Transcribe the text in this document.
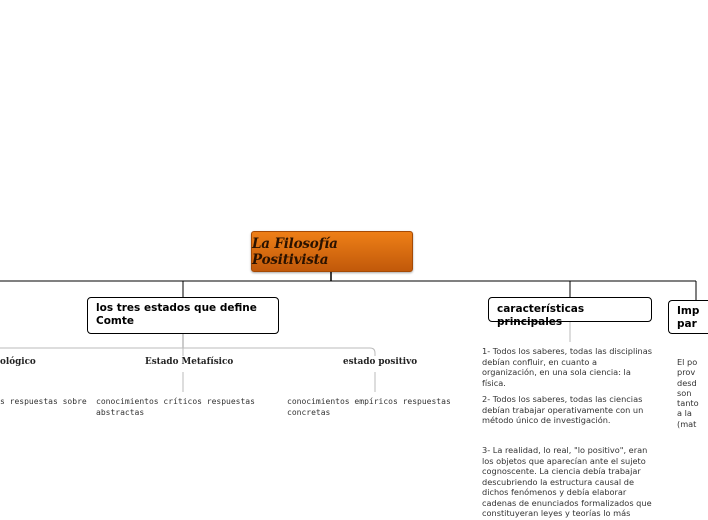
La Filosofía Positivista
los tres estados que define Comte
ológico	Estado Metafísico	estado positivo
s respuestas sobre conocimientos críticos respuestas abstractas
conocimientos empíricos respuestas concretas
características principales
1- Todos los saberes, todas las disciplinas debían confluir, en cuanto a organización, en una sola ciencia: la física.
2- Todos los saberes, todas las ciencias debían trabajar operativamente con un método único de investigación.
3- La realidad, lo real, "lo positivo", eran los objetos que aparecían ante el sujeto cognoscente. La ciencia debía trabajar descubriendo la estructura causal de dichos fenómenos y debía elaborar cadenas de enunciados formalizados que constituyeran leyes y teorías lo más
Imp
par
El po
prov
desd
son
tanto
a la
(mat
